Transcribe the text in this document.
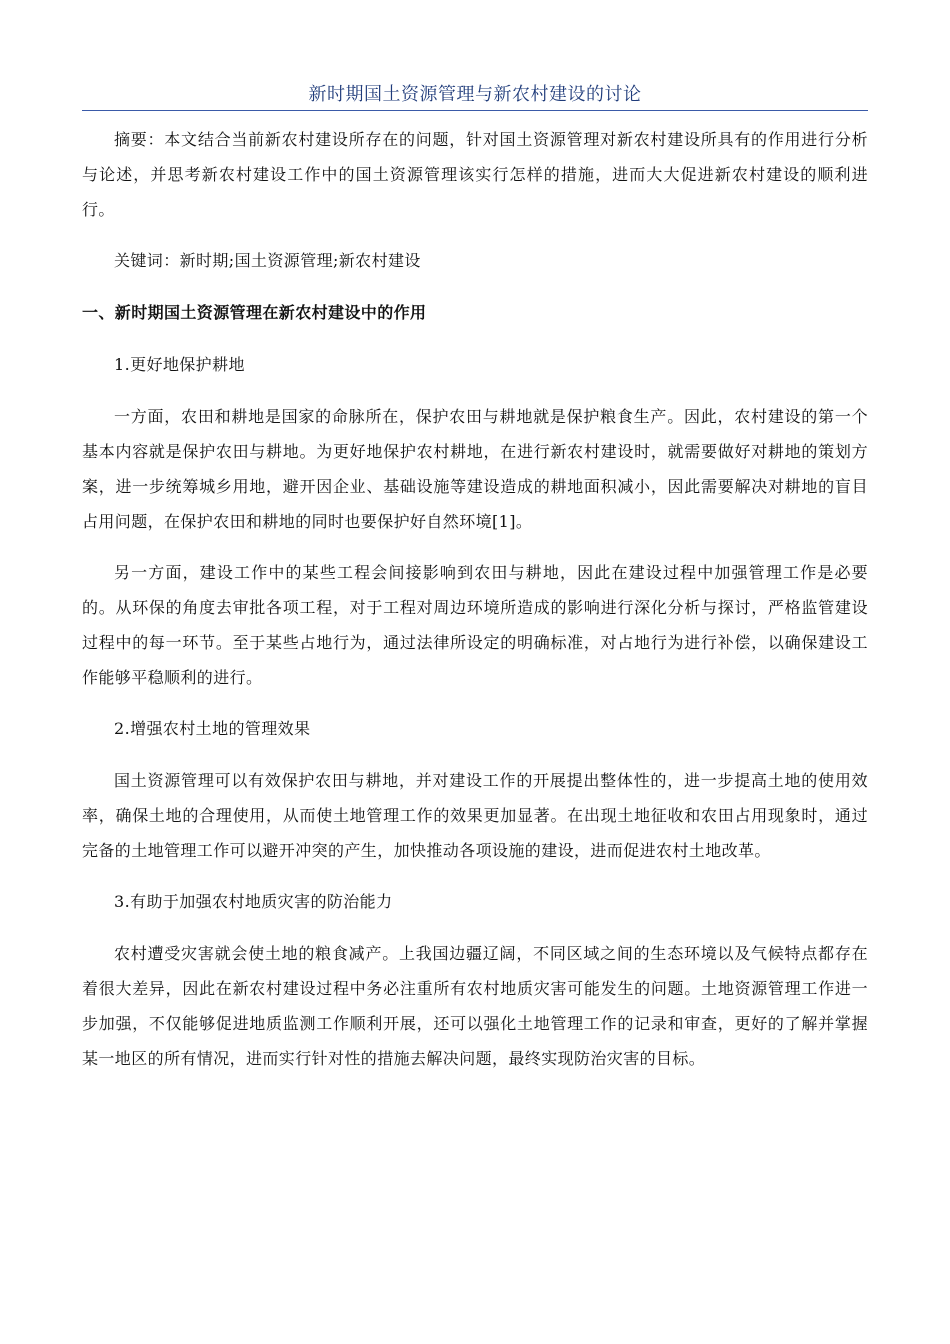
新时期国土资源管理与新农村建设的讨论

摘要：本文结合当前新农村建设所存在的问题，针对国土资源管理对新农村建设所具有的作用进行分析与论述，并思考新农村建设工作中的国土资源管理该实行怎样的措施，进而大大促进新农村建设的顺利进行。

关键词：新时期;国土资源管理;新农村建设

一、新时期国土资源管理在新农村建设中的作用

1.更好地保护耕地

一方面，农田和耕地是国家的命脉所在，保护农田与耕地就是保护粮食生产。因此，农村建设的第一个基本内容就是保护农田与耕地。为更好地保护农村耕地，在进行新农村建设时，就需要做好对耕地的策划方案，进一步统筹城乡用地，避开因企业、基础设施等建设造成的耕地面积减小，因此需要解决对耕地的盲目占用问题，在保护农田和耕地的同时也要保护好自然环境[1]。

另一方面，建设工作中的某些工程会间接影响到农田与耕地，因此在建设过程中加强管理工作是必要的。从环保的角度去审批各项工程，对于工程对周边环境所造成的影响进行深化分析与探讨，严格监管建设过程中的每一环节。至于某些占地行为，通过法律所设定的明确标准，对占地行为进行补偿，以确保建设工作能够平稳顺利的进行。

2.增强农村土地的管理效果

国土资源管理可以有效保护农田与耕地，并对建设工作的开展提出整体性的，进一步提高土地的使用效率，确保土地的合理使用，从而使土地管理工作的效果更加显著。在出现土地征收和农田占用现象时，通过完备的土地管理工作可以避开冲突的产生，加快推动各项设施的建设，进而促进农村土地改革。

3.有助于加强农村地质灾害的防治能力

农村遭受灾害就会使土地的粮食减产。上我国边疆辽阔，不同区域之间的生态环境以及气候特点都存在着很大差异，因此在新农村建设过程中务必注重所有农村地质灾害可能发生的问题。土地资源管理工作进一步加强，不仅能够促进地质监测工作顺利开展，还可以强化土地管理工作的记录和审查，更好的了解并掌握某一地区的所有情况，进而实行针对性的措施去解决问题，最终实现防治灾害的目标。
